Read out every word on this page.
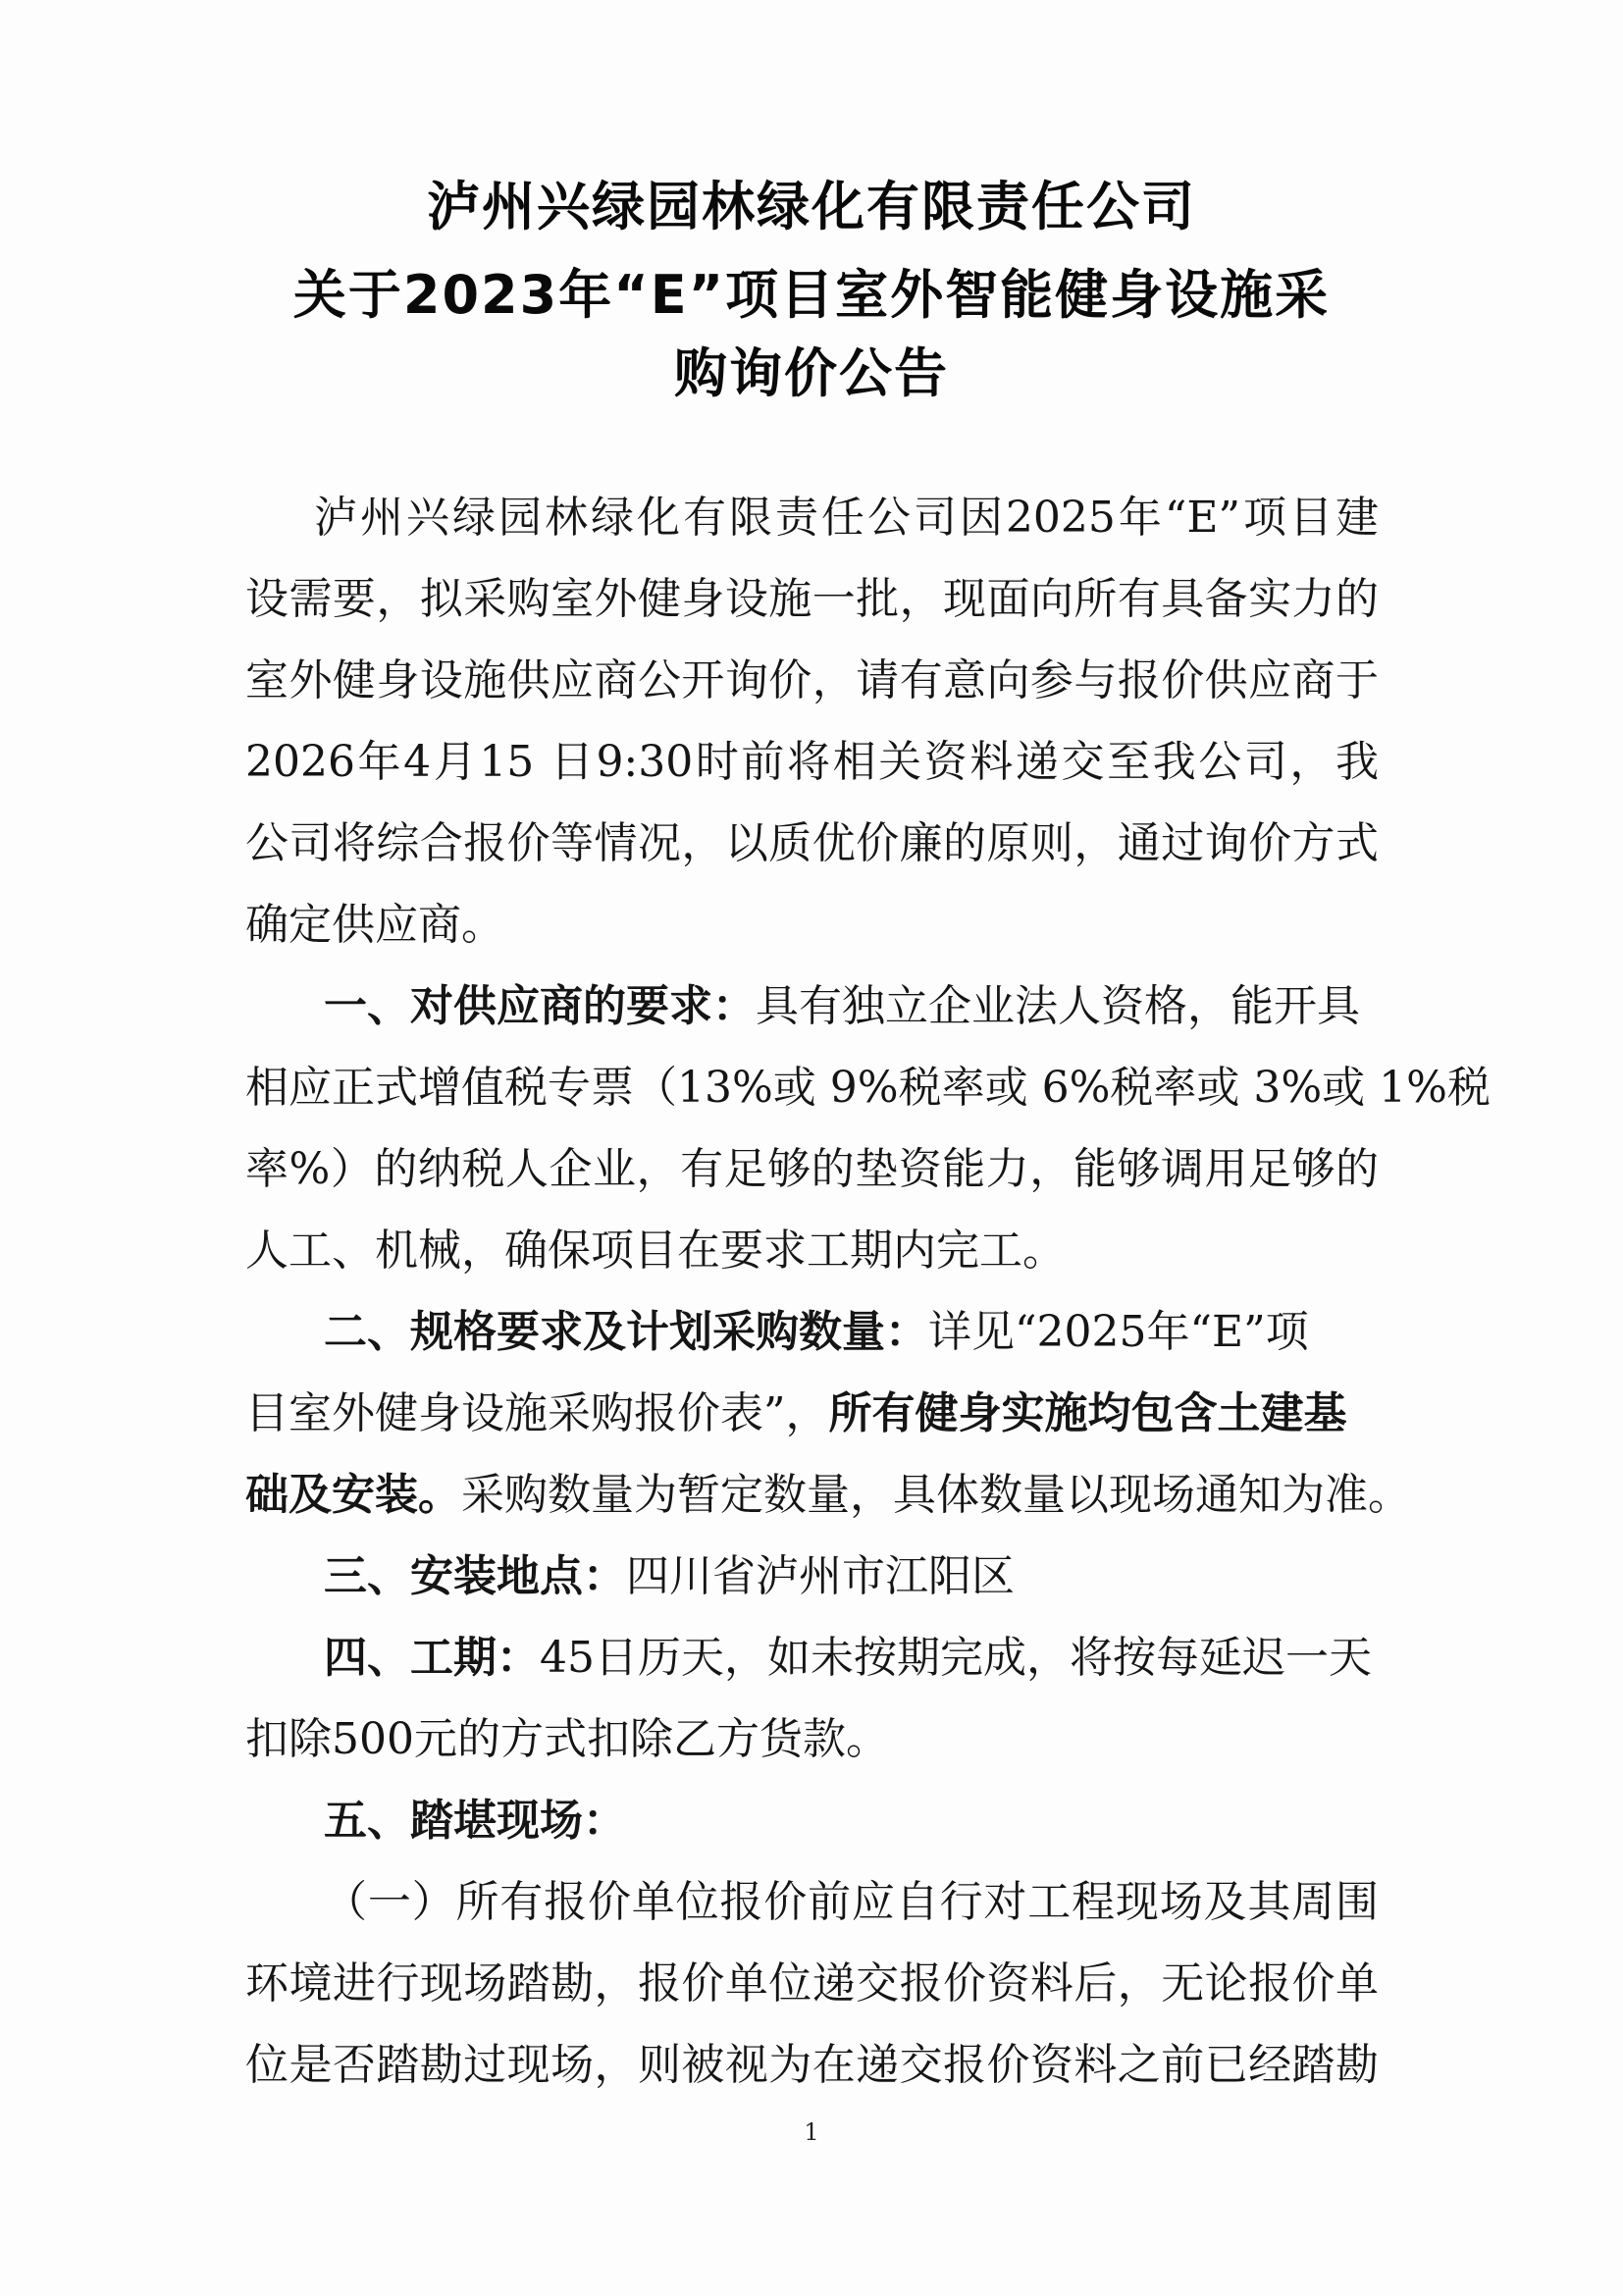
泸州兴绿园林绿化有限责任公司
关于2023年“E”项目室外智能健身设施采
购询价公告
泸州兴绿园林绿化有限责任公司因2025年“E”项目建
设需要，拟采购室外健身设施一批，现面向所有具备实力的
室外健身设施供应商公开询价，请有意向参与报价供应商于
2026年4月15 日9:30时前将相关资料递交至我公司，我
公司将综合报价等情况，以质优价廉的原则，通过询价方式
确定供应商。
一、对供应商的要求：具有独立企业法人资格，能开具
相应正式增值税专票（13%或 9%税率或 6%税率或 3%或 1%税
率%）的纳税人企业，有足够的垫资能力，能够调用足够的
人工、机械，确保项目在要求工期内完工。
二、规格要求及计划采购数量：详见“2025年“E”项
目室外健身设施采购报价表”，所有健身实施均包含土建基
础及安装。采购数量为暂定数量，具体数量以现场通知为准。
三、安装地点：四川省泸州市江阳区
四、工期：45日历天，如未按期完成，将按每延迟一天
扣除500元的方式扣除乙方货款。
五、踏堪现场：
（一）所有报价单位报价前应自行对工程现场及其周围
环境进行现场踏勘，报价单位递交报价资料后，无论报价单
位是否踏勘过现场，则被视为在递交报价资料之前已经踏勘
1
